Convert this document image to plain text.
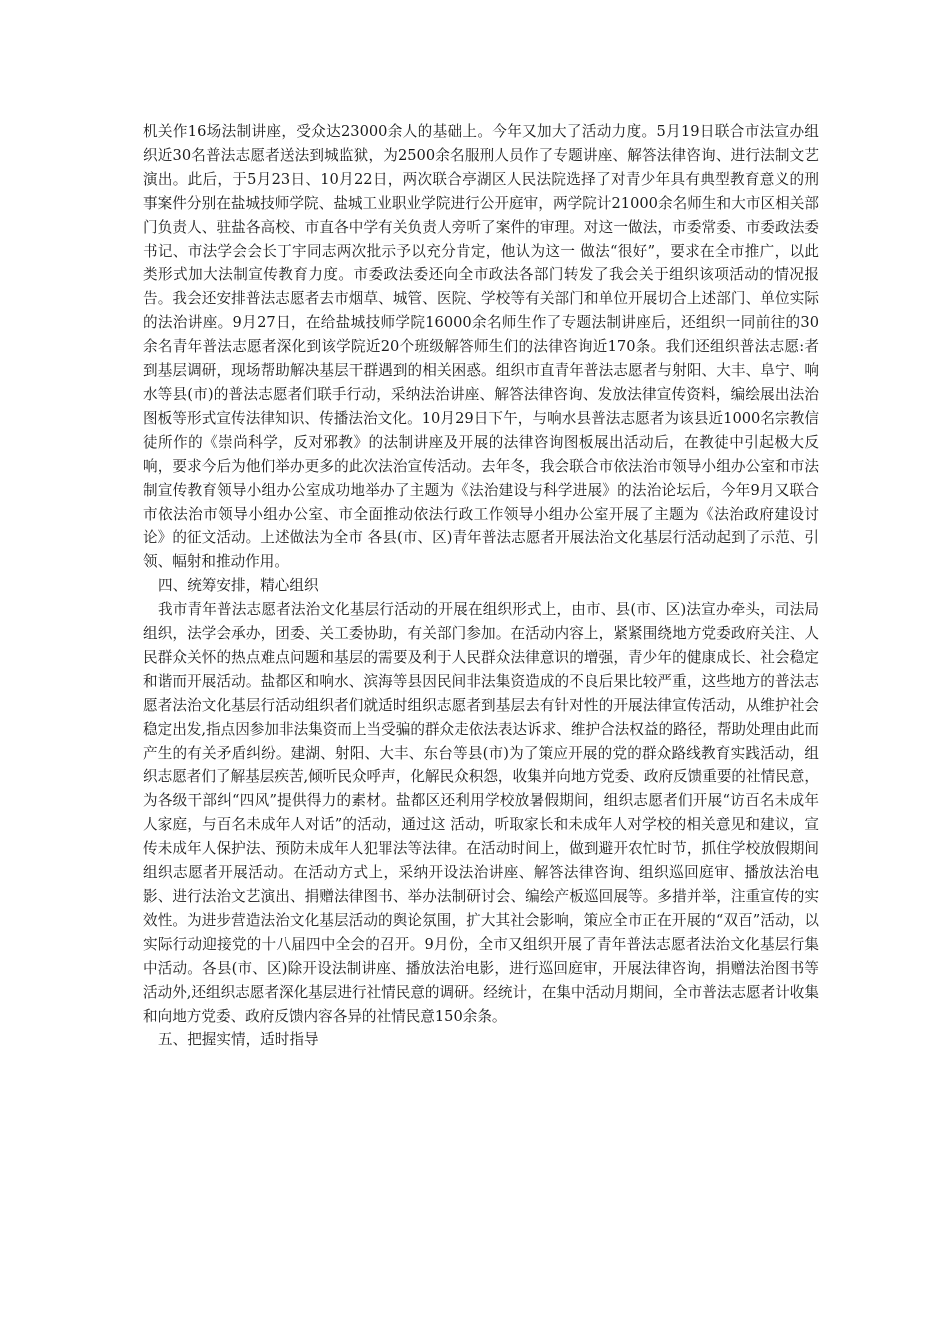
机关作16场法制讲座，受众达23000余人的基础上。今年又加大了活动力度。5月19日联合市法宣办组织近30名普法志愿者送法到城监狱，为2500余名服刑人员作了专题讲座、解答法律咨询、进行法制文艺演出。此后，于5月23日、10月22日，两次联合亭湖区人民法院选择了对青少年具有典型教育意义的刑事案件分别在盐城技师学院、盐城工业职业学院进行公开庭审，两学院计21000余名师生和大市区相关部门负责人、驻盐各高校、市直各中学有关负责人旁听了案件的审理。对这一做法，市委常委、市委政法委书记、市法学会会长丁宇同志两次批示予以充分肯定，他认为这一 做法“很好”，要求在全市推广，以此类形式加大法制宣传教育力度。市委政法委还向全市政法各部门转发了我会关于组织该项活动的情况报告。我会还安排普法志愿者去市烟草、城管、医院、学校等有关部门和单位开展切合上述部门、单位实际的法治讲座。9月27日，在给盐城技师学院16000余名师生作了专题法制讲座后，还组织一同前往的30余名青年普法志愿者深化到该学院近20个班级解答师生们的法律咨询近170条。我们还组织普法志愿:者到基层调研，现场帮助解决基层干群遇到的相关困惑。组织市直青年普法志愿者与射阳、大丰、阜宁、响水等县(市)的普法志愿者们联手行动，采纳法治讲座、解答法律咨询、发放法律宣传资料，编绘展出法治图板等形式宣传法律知识、传播法治文化。10月29日下午，与响水县普法志愿者为该县近1000名宗教信徒所作的《崇尚科学，反对邪教》的法制讲座及开展的法律咨询图板展出活动后，在教徒中引起极大反响，要求今后为他们举办更多的此次法治宣传活动。去年冬，我会联合市依法治市领导小组办公室和市法制宣传教育领导小组办公室成功地举办了主题为《法治建设与科学进展》的法治论坛后，今年9月又联合市依法治市领导小组办公室、市全面推动依法行政工作领导小组办公室开展了主题为《法治政府建设讨论》的征文活动。上述做法为全市 各县(市、区)青年普法志愿者开展法治文化基层行活动起到了示范、引领、幅射和推动作用。

四、统筹安排，精心组织

我市青年普法志愿者法治文化基层行活动的开展在组织形式上，由市、县(市、区)法宣办牵头，司法局组织，法学会承办，团委、关工委协助，有关部门参加。在活动内容上，紧紧围绕地方党委政府关注、人民群众关怀的热点难点问题和基层的需要及利于人民群众法律意识的增强，青少年的健康成长、社会稳定和谐而开展活动。盐都区和响水、滨海等县因民间非法集资造成的不良后果比较严重，这些地方的普法志愿者法治文化基层行活动组织者们就适时组织志愿者到基层去有针对性的开展法律宣传活动，从维护社会稳定出发,指点因参加非法集资而上当受骗的群众走依法表达诉求、维护合法权益的路径，帮助处理由此而产生的有关矛盾纠纷。建湖、射阳、大丰、东台等县(市)为了策应开展的党的群众路线教育实践活动，组织志愿者们了解基层疾苦,倾听民众呼声，化解民众积怨，收集并向地方党委、政府反馈重要的社情民意，为各级干部纠“四风”提供得力的素材。盐都区还利用学校放暑假期间，组织志愿者们开展“访百名未成年人家庭，与百名未成年人对话”的活动，通过这 活动，听取家长和未成年人对学校的相关意见和建议，宣传未成年人保护法、预防未成年人犯罪法等法律。在活动时间上，做到避开农忙时节，抓住学校放假期间组织志愿者开展活动。在活动方式上，采纳开设法治讲座、解答法律咨询、组织巡回庭审、播放法治电影、进行法治文艺演出、捐赠法律图书、举办法制研讨会、编绘产板巡回展等。多措并举，注重宣传的实效性。为进步营造法治文化基层活动的舆论氛围，扩大其社会影响，策应全市正在开展的“双百”活动，以实际行动迎接党的十八届四中全会的召开。9月份，全市又组织开展了青年普法志愿者法治文化基层行集中活动。各县(市、区)除开设法制讲座、播放法治电影，进行巡回庭审，开展法律咨询，捐赠法治图书等活动外,还组织志愿者深化基层进行社情民意的调研。经统计，在集中活动月期间，全市普法志愿者计收集和向地方党委、政府反馈内容各异的社情民意150余条。

五、把握实情，适时指导
